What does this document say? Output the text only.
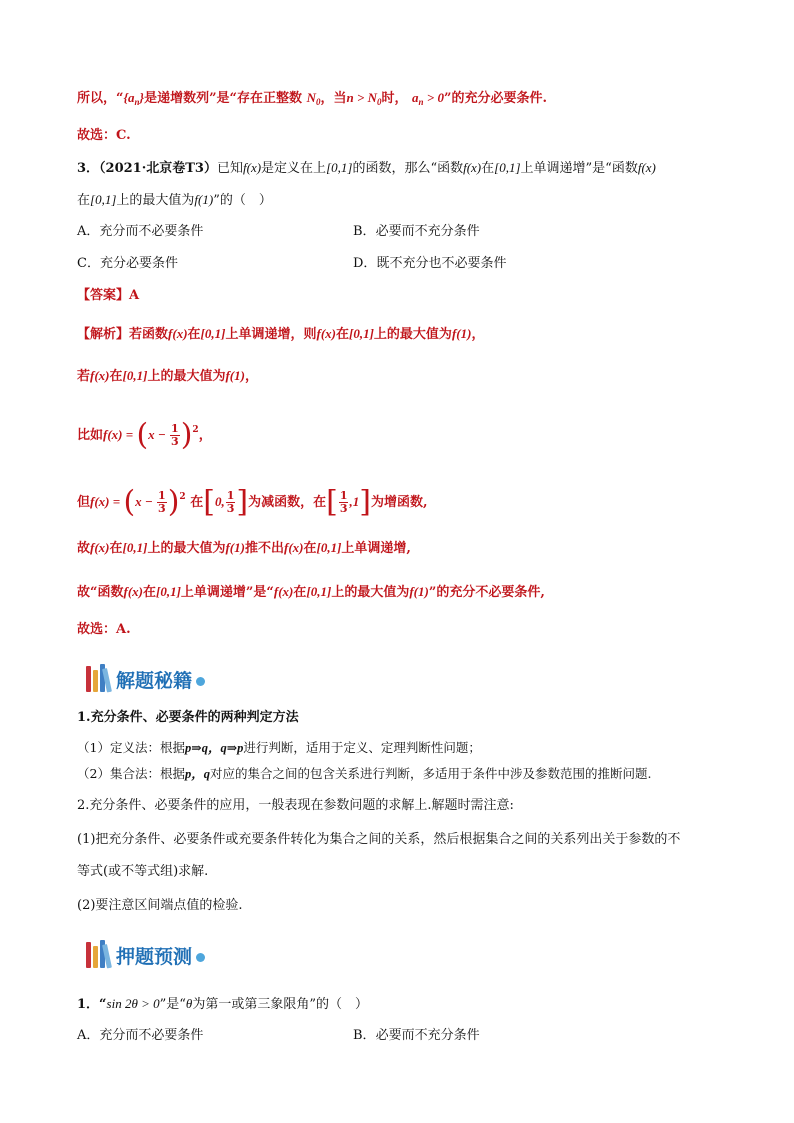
所以，“$\{a_n\}$是递增数列”是“存在正整数 $N_0$，当$n > N_0$时， $a_n > 0$”的充分必要条件.
故选：C.
3．（2021·北京卷T3）已知f(x)是定义在上[0,1]的函数，那么“函数f(x)在[0,1]上单调递增”是“函数f(x)
在[0,1]上的最大值为f(1)”的（　）
A．充分而不必要条件	B．必要而不充分条件
C．充分必要条件	D．既不充分也不必要条件
【答案】A
【解析】若函数f(x)在[0,1]上单调递增，则f(x)在[0,1]上的最大值为f(1)，
若f(x)在[0,1]上的最大值为f(1)，
比如$f(x) = (x - \frac{1}{3} )^2$，
但$f(x) = (x - \frac{1}{3} )^2$ 在[0, $\frac{1}{3}$ ]为减函数，在[ $\frac{1}{3} ,1$]为增函数,
故f(x)在[0,1]上的最大值为f(1)推不出f(x)在[0,1]上单调递增,
故“函数f(x)在[0,1]上单调递增”是“f(x)在[0,1]上的最大值为f(1)”的充分不必要条件,
故选：A.
解题秘籍
1.充分条件、必要条件的两种判定方法
（1）定义法：根据p⇒q，q⇒p进行判断，适用于定义、定理判断性问题；
（2）集合法：根据p，q对应的集合之间的包含关系进行判断，多适用于条件中涉及参数范围的推断问题.
2.充分条件、必要条件的应用，一般表现在参数问题的求解上.解题时需注意:
(1)把充分条件、必要条件或充要条件转化为集合之间的关系，然后根据集合之间的关系列出关于参数的不
等式(或不等式组)求解.
(2)要注意区间端点值的检验.
押题预测
1．“sin 2θ > 0”是“θ为第一或第三象限角”的（　）
A．充分而不必要条件	B．必要而不充分条件
